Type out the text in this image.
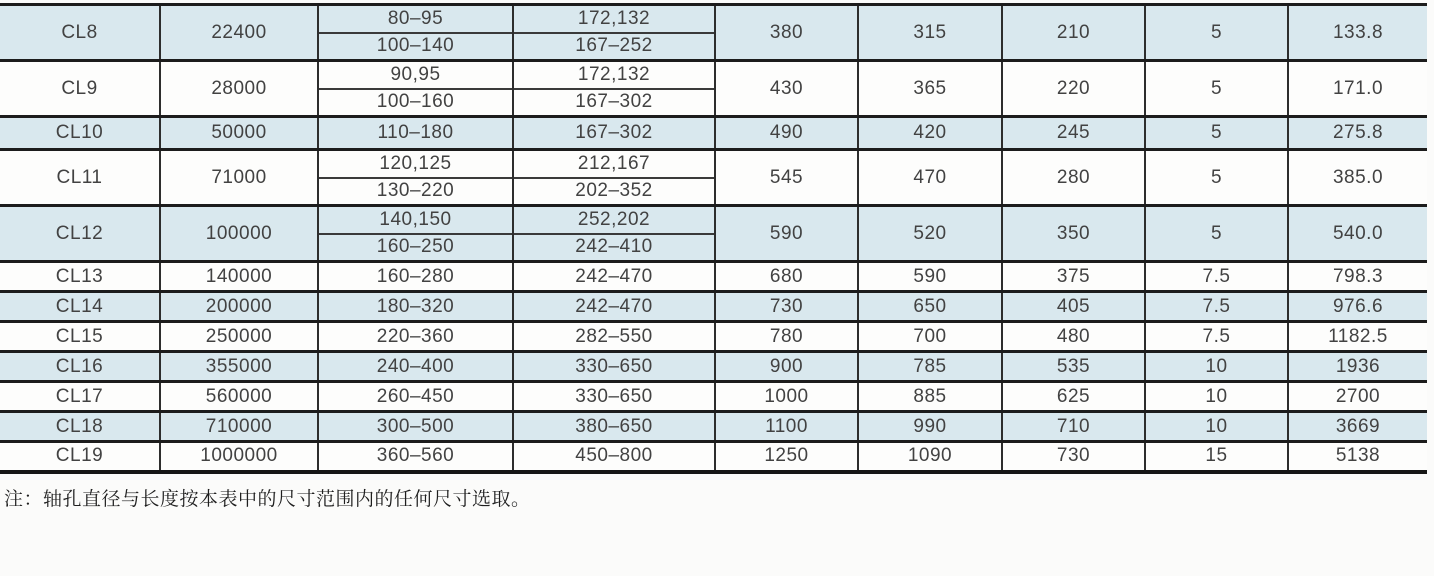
CL8	22400	80–95	172,132	380	315	210	5	133.8
		100–140	167–252					
CL9	28000	90,95	172,132	430	365	220	5	171.0
		100–160	167–302					
CL10	50000	110–180	167–302	490	420	245	5	275.8
CL11	71000	120,125	212,167	545	470	280	5	385.0
		130–220	202–352					
CL12	100000	140,150	252,202	590	520	350	5	540.0
		160–250	242–410					
CL13	140000	160–280	242–470	680	590	375	7.5	798.3
CL14	200000	180–320	242–470	730	650	405	7.5	976.6
CL15	250000	220–360	282–550	780	700	480	7.5	1182.5
CL16	355000	240–400	330–650	900	785	535	10	1936
CL17	560000	260–450	330–650	1000	885	625	10	2700
CL18	710000	300–500	380–650	1100	990	710	10	3669
CL19	1000000	360–560	450–800	1250	1090	730	15	5138
注：轴孔直径与长度按本表中的尺寸范围内的任何尺寸选取。
